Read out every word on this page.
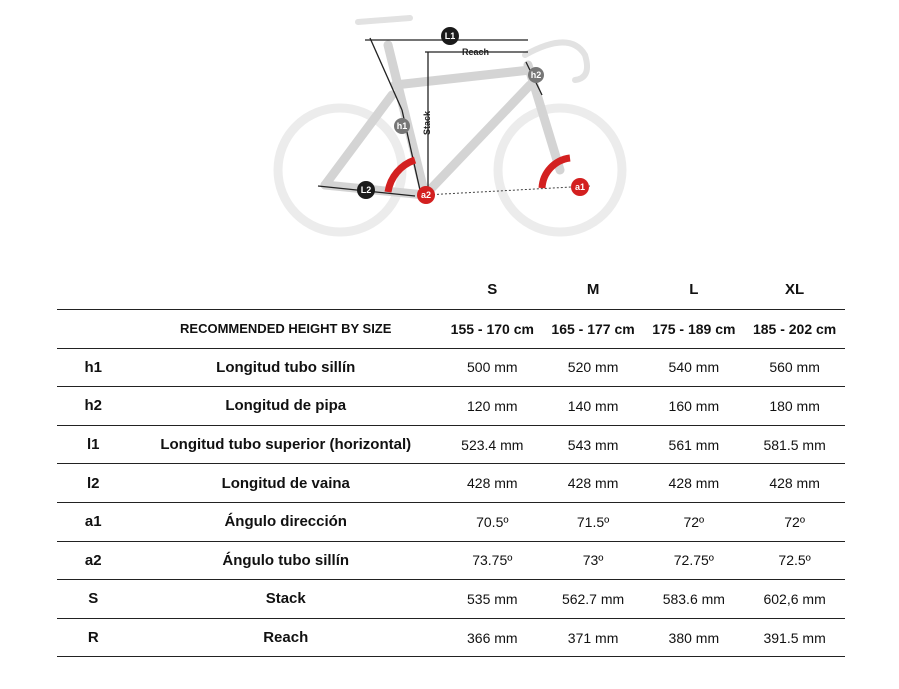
Reach
Stack
L1
h2
h1
L2	a2
a1
		S	M	L	XL
	RECOMMENDED HEIGHT BY SIZE	155 - 170 cm	165 - 177 cm	175 - 189 cm	185 - 202 cm
h1	Longitud tubo sillín	500 mm	520 mm	540 mm	560 mm
h2	Longitud de pipa	120 mm	140 mm	160 mm	180 mm
l1	Longitud tubo superior (horizontal)	523.4 mm	543 mm	561 mm	581.5 mm
l2	Longitud de vaina	428 mm	428 mm	428 mm	428 mm
a1	Ángulo dirección	70.5º	71.5º	72º	72º
a2	Ángulo tubo sillín	73.75º	73º	72.75º	72.5º
S	Stack	535 mm	562.7 mm	583.6 mm	602,6 mm
R	Reach	366 mm	371 mm	380 mm	391.5 mm
